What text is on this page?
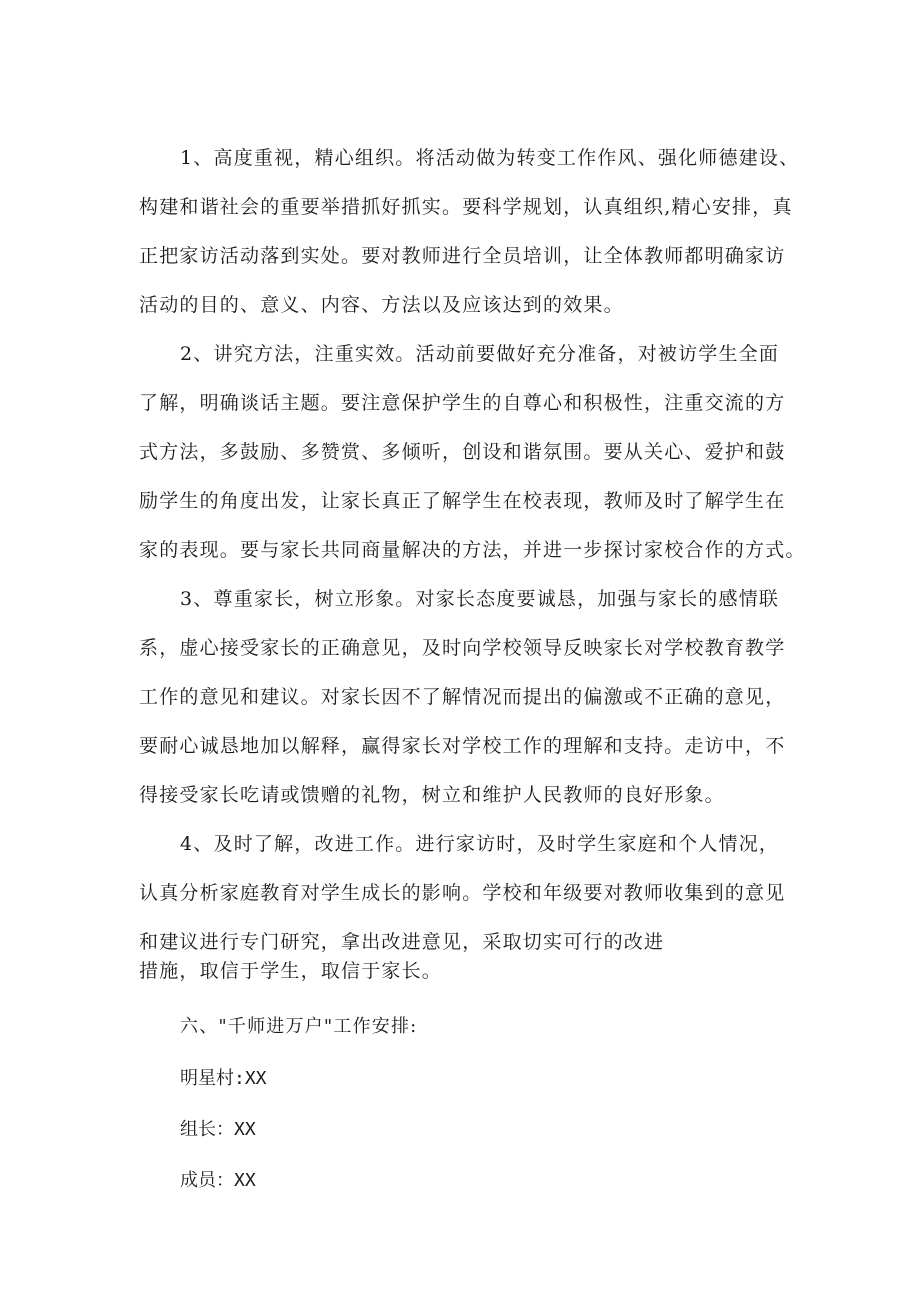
1、高度重视，精心组织。将活动做为转变工作作风、强化师德建设、
构建和谐社会的重要举措抓好抓实。要科学规划，认真组织,精心安排，真
正把家访活动落到实处。要对教师进行全员培训，让全体教师都明确家访
活动的目的、意义、内容、方法以及应该达到的效果。
2、讲究方法，注重实效。活动前要做好充分准备，对被访学生全面
了解，明确谈话主题。要注意保护学生的自尊心和积极性，注重交流的方
式方法，多鼓励、多赞赏、多倾听，创设和谐氛围。要从关心、爱护和鼓
励学生的角度出发，让家长真正了解学生在校表现，教师及时了解学生在
家的表现。要与家长共同商量解决的方法，并进一步探讨家校合作的方式。
3、尊重家长，树立形象。对家长态度要诚恳，加强与家长的感情联
系，虚心接受家长的正确意见，及时向学校领导反映家长对学校教育教学
工作的意见和建议。对家长因不了解情况而提出的偏激或不正确的意见，
要耐心诚恳地加以解释，赢得家长对学校工作的理解和支持。走访中，不
得接受家长吃请或馈赠的礼物，树立和维护人民教师的良好形象。
4、及时了解，改进工作。进行家访时，及时学生家庭和个人情况，
认真分析家庭教育对学生成长的影响。学校和年级要对教师收集到的意见
和建议进行专门研究，拿出改进意见，采取切实可行的改进
措施，取信于学生，取信于家长。
六、"千师进万户"工作安排:
明星村:XX
组长：XX
成员：XX
